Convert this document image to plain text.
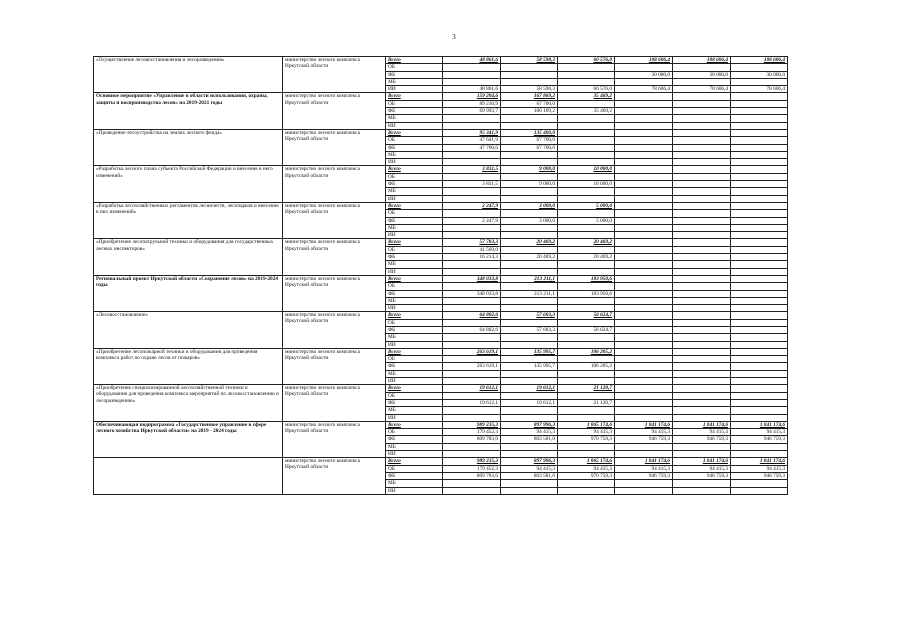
3
«Осуществление лесовосстановления и лесоразведения»	министерство лесного комплекса Иркутской области	Всего	48 861,6	58 598,3	60 576,0	108 606,4	108 606,4	108 606,4
		ОБ						
		ФБ				30 000,0	30 000,0	30 000,0
		МБ						
		ИИ	48 861,6	58 598,3	60 576,0	78 606,4	78 606,4	78 606,4
Основное мероприятие «Управление в области использования, охраны, защиты и воспроизводства лесов» на 2019-2021 годы	министерство лесного комплекса Иркутской области	Всего	159 204,6	167 869,2	35 469,2			
		ОБ	89 210,9	67 700,0				
		ФБ	69 993,7	100 169,2	35 469,2			
		МБ						
		ИИ						
«Проведение лесоустройства на землях лесного фонда»	министерство лесного комплекса Иркутской области	Всего	95 341,9	135 400,0				
		ОБ	47 641,9	67 700,0				
		ФБ	47 700,0	67 700,0				
		МБ						
		ИИ						
«Разработка лесного плана субъекта Российской Федерации и внесение в него изменений»	министерство лесного комплекса Иркутской области	Всего	3 831,5	9 000,0	10 000,0			
		ОБ						
		ФБ	3 831,5	9 000,0	10 000,0			
		МБ						
		ИИ						
«Разработка лесохозяйственных регламентов лесничеств, лесопарков и внесение в них изменений»	министерство лесного комплекса Иркутской области	Всего	2 247,9	3 000,0	5 000,0			
		ОБ						
		ФБ	2 247,9	3 000,0	5 000,0			
		МБ						
		ИИ						
«Приобретение лесопатрульной техники и оборудования для государственных лесных инспекторов»	министерство лесного комплекса Иркутской области	Всего	57 783,3	20 469,2	20 469,2			
		ОБ	41 569,0					
		ФБ	16 214,3	20 469,2	20 469,2			
		МБ						
		ИИ						
Региональный проект Иркутской области «Сохранение лесов» на 2019-2024 годы	министерство лесного комплекса Иркутской области	Всего	348 033,8	213 211,1	183 950,6			
		ОБ						
		ФБ	348 033,8	213 211,1	183 950,6			
		МБ						
		ИИ						
«Лесовосстановление»	министерство лесного комплекса Иркутской области	Всего	64 802,6	57 603,3	56 624,7			
		ОБ						
		ФБ	64 802,6	57 603,3	56 624,7			
		МБ						
		ИИ						
«Приобретение лесопожарной техники и оборудования для проведения комплекса работ по охране лесов от пожаров»	министерство лесного комплекса Иркутской области	Всего	263 619,1	135 995,7	106 205,2			
		ОБ						
		ФБ	263 619,1	135 995,7	106 205,2			
		МБ						
		ИИ						
«Приобретение специализированной лесохозяйственной техники и оборудования для проведения комплекса мероприятий по лесовосстановлению и лесоразведению»	министерство лесного комплекса Иркутской области	Всего	19 612,1	19 612,1	21 120,7			
		ОБ						
		ФБ	19 612,1	19 612,1	21 120,7			
		МБ						
		ИИ						
Обеспечивающая подпрограмма «Государственное управление в сфере лесного хозяйства Иркутской области» на 2019 - 2024 годы	министерство лесного комплекса Иркутской области	Всего	989 235,3	897 996,3	1 065 174,6	1 041 174,6	1 041 174,6	1 041 174,6
		ОБ	179 452,3	94 415,3	94 415,3	94 415,3	94 415,3	94 415,3
		ФБ	809 783,0	803 581,0	970 759,3	946 759,3	946 759,3	946 759,3
		МБ						
		ИИ						
	министерство лесного комплекса Иркутской области	Всего	989 235,3	897 996,3	1 065 174,6	1 041 174,6	1 041 174,6	1 041 174,6
		ОБ	179 452,3	94 415,3	94 415,3	94 415,3	94 415,3	94 415,3
		ФБ	809 783,0	803 581,0	970 759,3	946 759,3	946 759,3	946 759,3
		МБ						
		ИИ						
